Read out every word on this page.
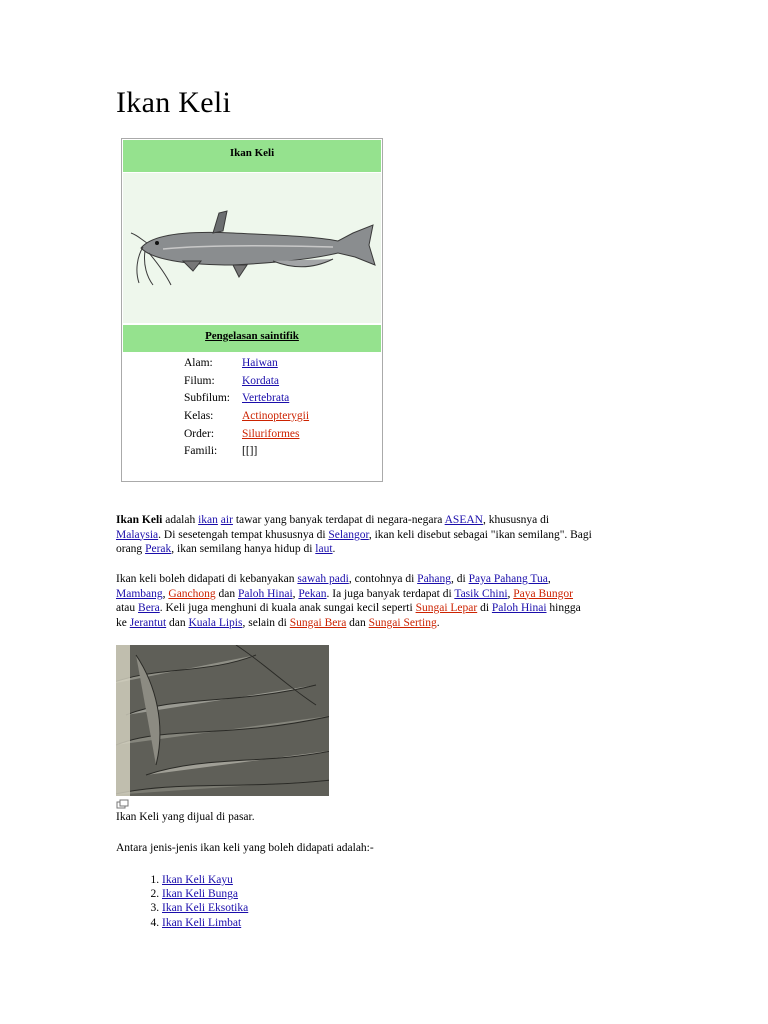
Ikan Keli
Ikan Keli
Pengelasan saintifik
Alam:	Haiwan
Filum:	Kordata
Subfilum:	Vertebrata
Kelas:	Actinopterygii
Order:	Siluriformes
Famili:	[[]]
Ikan Keli adalah ikan air tawar yang banyak terdapat di negara-negara ASEAN, khususnya di
Malaysia. Di sesetengah tempat khususnya di Selangor, ikan keli disebut sebagai "ikan semilang". Bagi
orang Perak, ikan semilang hanya hidup di laut.
Ikan keli boleh didapati di kebanyakan sawah padi, contohnya di Pahang, di Paya Pahang Tua,
Mambang, Ganchong dan Paloh Hinai, Pekan. Ia juga banyak terdapat di Tasik Chini, Paya Bungor
atau Bera. Keli juga menghuni di kuala anak sungai kecil seperti Sungai Lepar di Paloh Hinai hingga
ke Jerantut dan Kuala Lipis, selain di Sungai Bera dan Sungai Serting.
Ikan Keli yang dijual di pasar.
Antara jenis-jenis ikan keli yang boleh didapati adalah:-
1. Ikan Keli Kayu
2. Ikan Keli Bunga
3. Ikan Keli Eksotika
4. Ikan Keli Limbat
